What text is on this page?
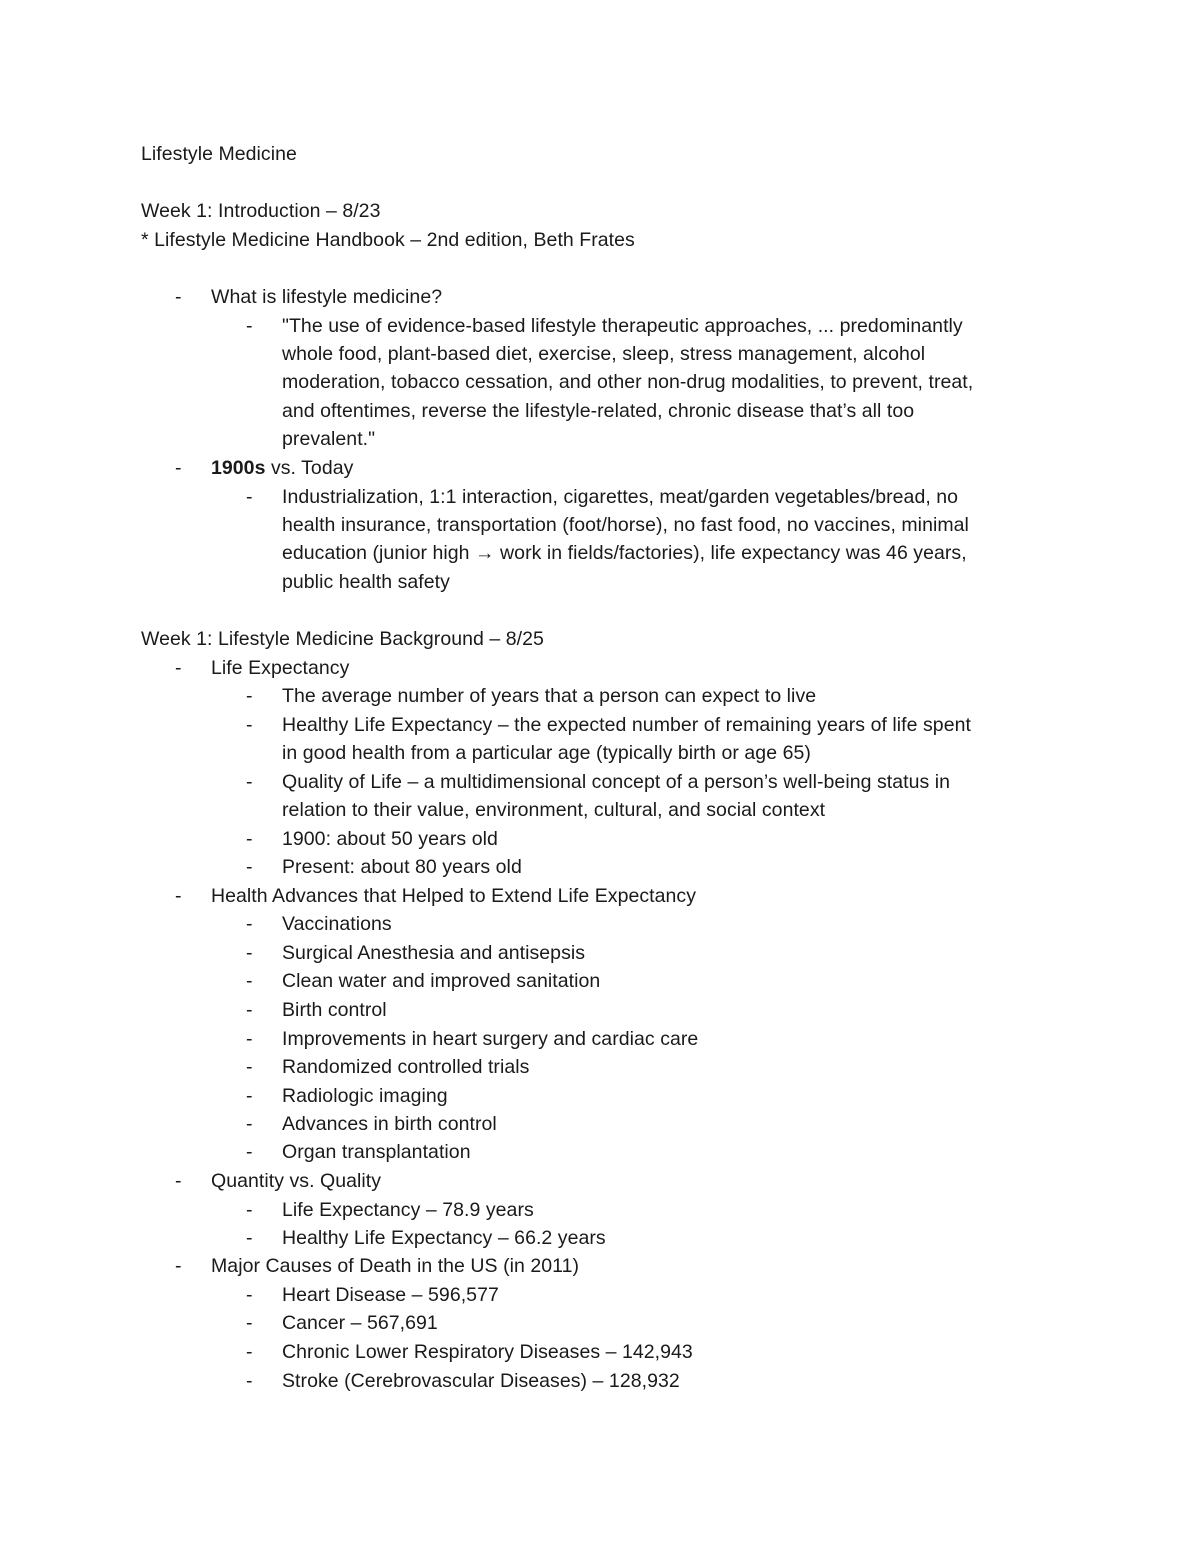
Lifestyle Medicine
Week 1: Introduction – 8/23
* Lifestyle Medicine Handbook – 2nd edition, Beth Frates
- What is lifestyle medicine?
- "The use of evidence-based lifestyle therapeutic approaches, ... predominantly
whole food, plant-based diet, exercise, sleep, stress management, alcohol
moderation, tobacco cessation, and other non-drug modalities, to prevent, treat,
and oftentimes, reverse the lifestyle-related, chronic disease that’s all too
prevalent."
- 1900s vs. Today
- Industrialization, 1:1 interaction, cigarettes, meat/garden vegetables/bread, no
health insurance, transportation (foot/horse), no fast food, no vaccines, minimal
education (junior high → work in fields/factories), life expectancy was 46 years,
public health safety
Week 1: Lifestyle Medicine Background – 8/25
- Life Expectancy
- The average number of years that a person can expect to live
- Healthy Life Expectancy – the expected number of remaining years of life spent
in good health from a particular age (typically birth or age 65)
- Quality of Life – a multidimensional concept of a person’s well-being status in
relation to their value, environment, cultural, and social context
- 1900: about 50 years old
- Present: about 80 years old
- Health Advances that Helped to Extend Life Expectancy
- Vaccinations
- Surgical Anesthesia and antisepsis
- Clean water and improved sanitation
- Birth control
- Improvements in heart surgery and cardiac care
- Randomized controlled trials
- Radiologic imaging
- Advances in birth control
- Organ transplantation
- Quantity vs. Quality
- Life Expectancy – 78.9 years
- Healthy Life Expectancy – 66.2 years
- Major Causes of Death in the US (in 2011)
- Heart Disease – 596,577
- Cancer – 567,691
- Chronic Lower Respiratory Diseases – 142,943
- Stroke (Cerebrovascular Diseases) – 128,932
